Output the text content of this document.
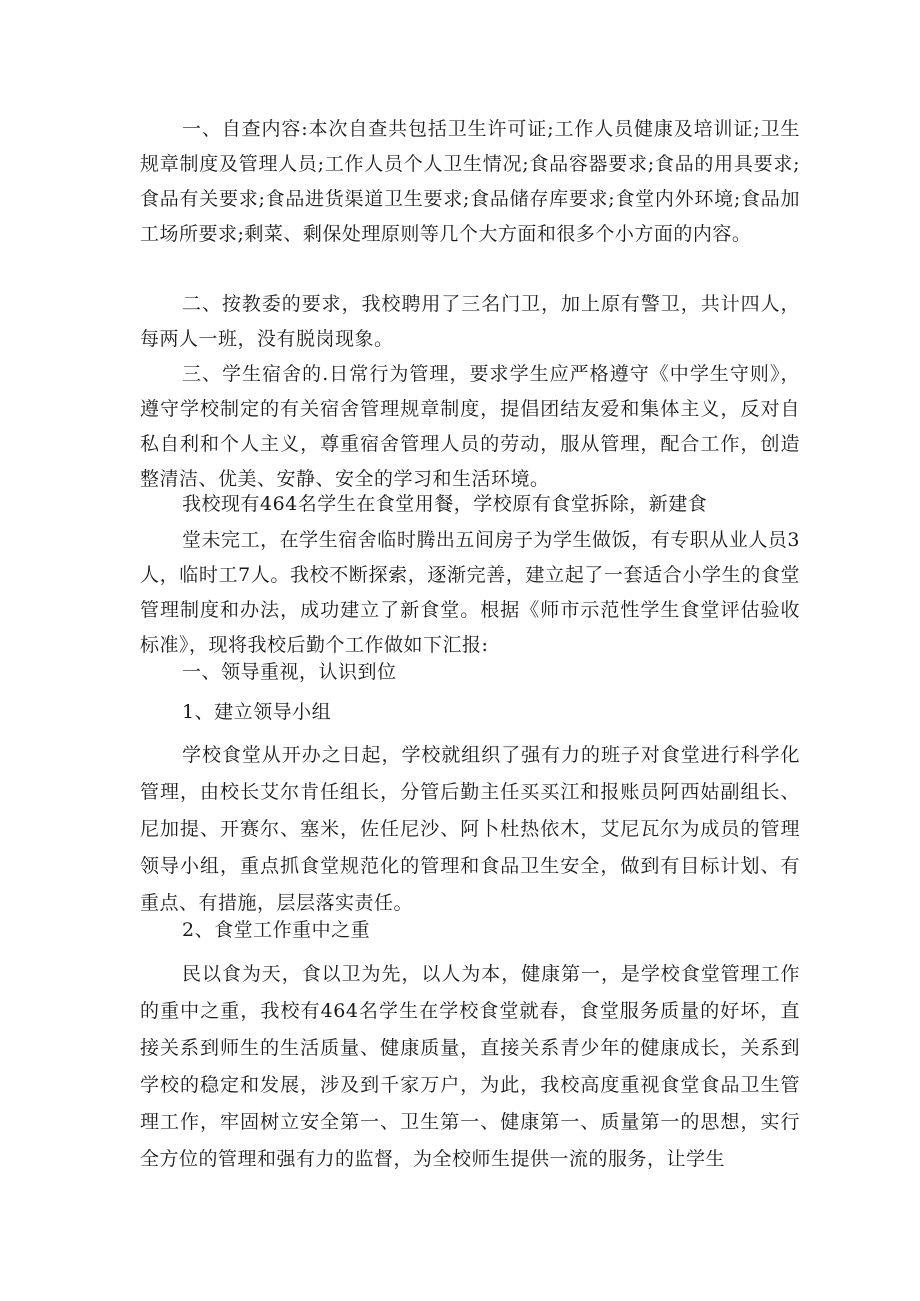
一、自查内容:本次自查共包括卫生许可证;工作人员健康及培训证;卫生规章制度及管理人员;工作人员个人卫生情况;食品容器要求;食品的用具要求;食品有关要求;食品进货渠道卫生要求;食品储存库要求;食堂内外环境;食品加工场所要求;剩菜、剩保处理原则等几个大方面和很多个小方面的内容。

二、按教委的要求，我校聘用了三名门卫，加上原有警卫，共计四人，每两人一班，没有脱岗现象。

三、学生宿舍的.日常行为管理，要求学生应严格遵守《中学生守则》，遵守学校制定的有关宿舍管理规章制度，提倡团结友爱和集体主义，反对自私自利和个人主义，尊重宿舍管理人员的劳动，服从管理，配合工作，创造整清洁、优美、安静、安全的学习和生活环境。

我校现有464名学生在食堂用餐，学校原有食堂拆除，新建食

堂未完工，在学生宿舍临时腾出五间房子为学生做饭，有专职从业人员3人，临时工7人。我校不断探索，逐渐完善，建立起了一套适合小学生的食堂管理制度和办法，成功建立了新食堂。根据《师市示范性学生食堂评估验收标准》，现将我校后勤个工作做如下汇报:

一、领导重视，认识到位

1、建立领导小组

学校食堂从开办之日起，学校就组织了强有力的班子对食堂进行科学化管理，由校长艾尔肯任组长，分管后勤主任买买江和报账员阿西姑副组长、尼加提、开赛尔、塞米，佐任尼沙、阿卜杜热依木，艾尼瓦尔为成员的管理领导小组，重点抓食堂规范化的管理和食品卫生安全，做到有目标计划、有重点、有措施，层层落实责任。

2、食堂工作重中之重

民以食为天，食以卫为先，以人为本，健康第一，是学校食堂管理工作的重中之重，我校有464名学生在学校食堂就春，食堂服务质量的好坏，直接关系到师生的生活质量、健康质量，直接关系青少年的健康成长，关系到学校的稳定和发展，涉及到千家万户，为此，我校高度重视食堂食品卫生管理工作，牢固树立安全第一、卫生第一、健康第一、质量第一的思想，实行全方位的管理和强有力的监督，为全校师生提供一流的服务，让学生
